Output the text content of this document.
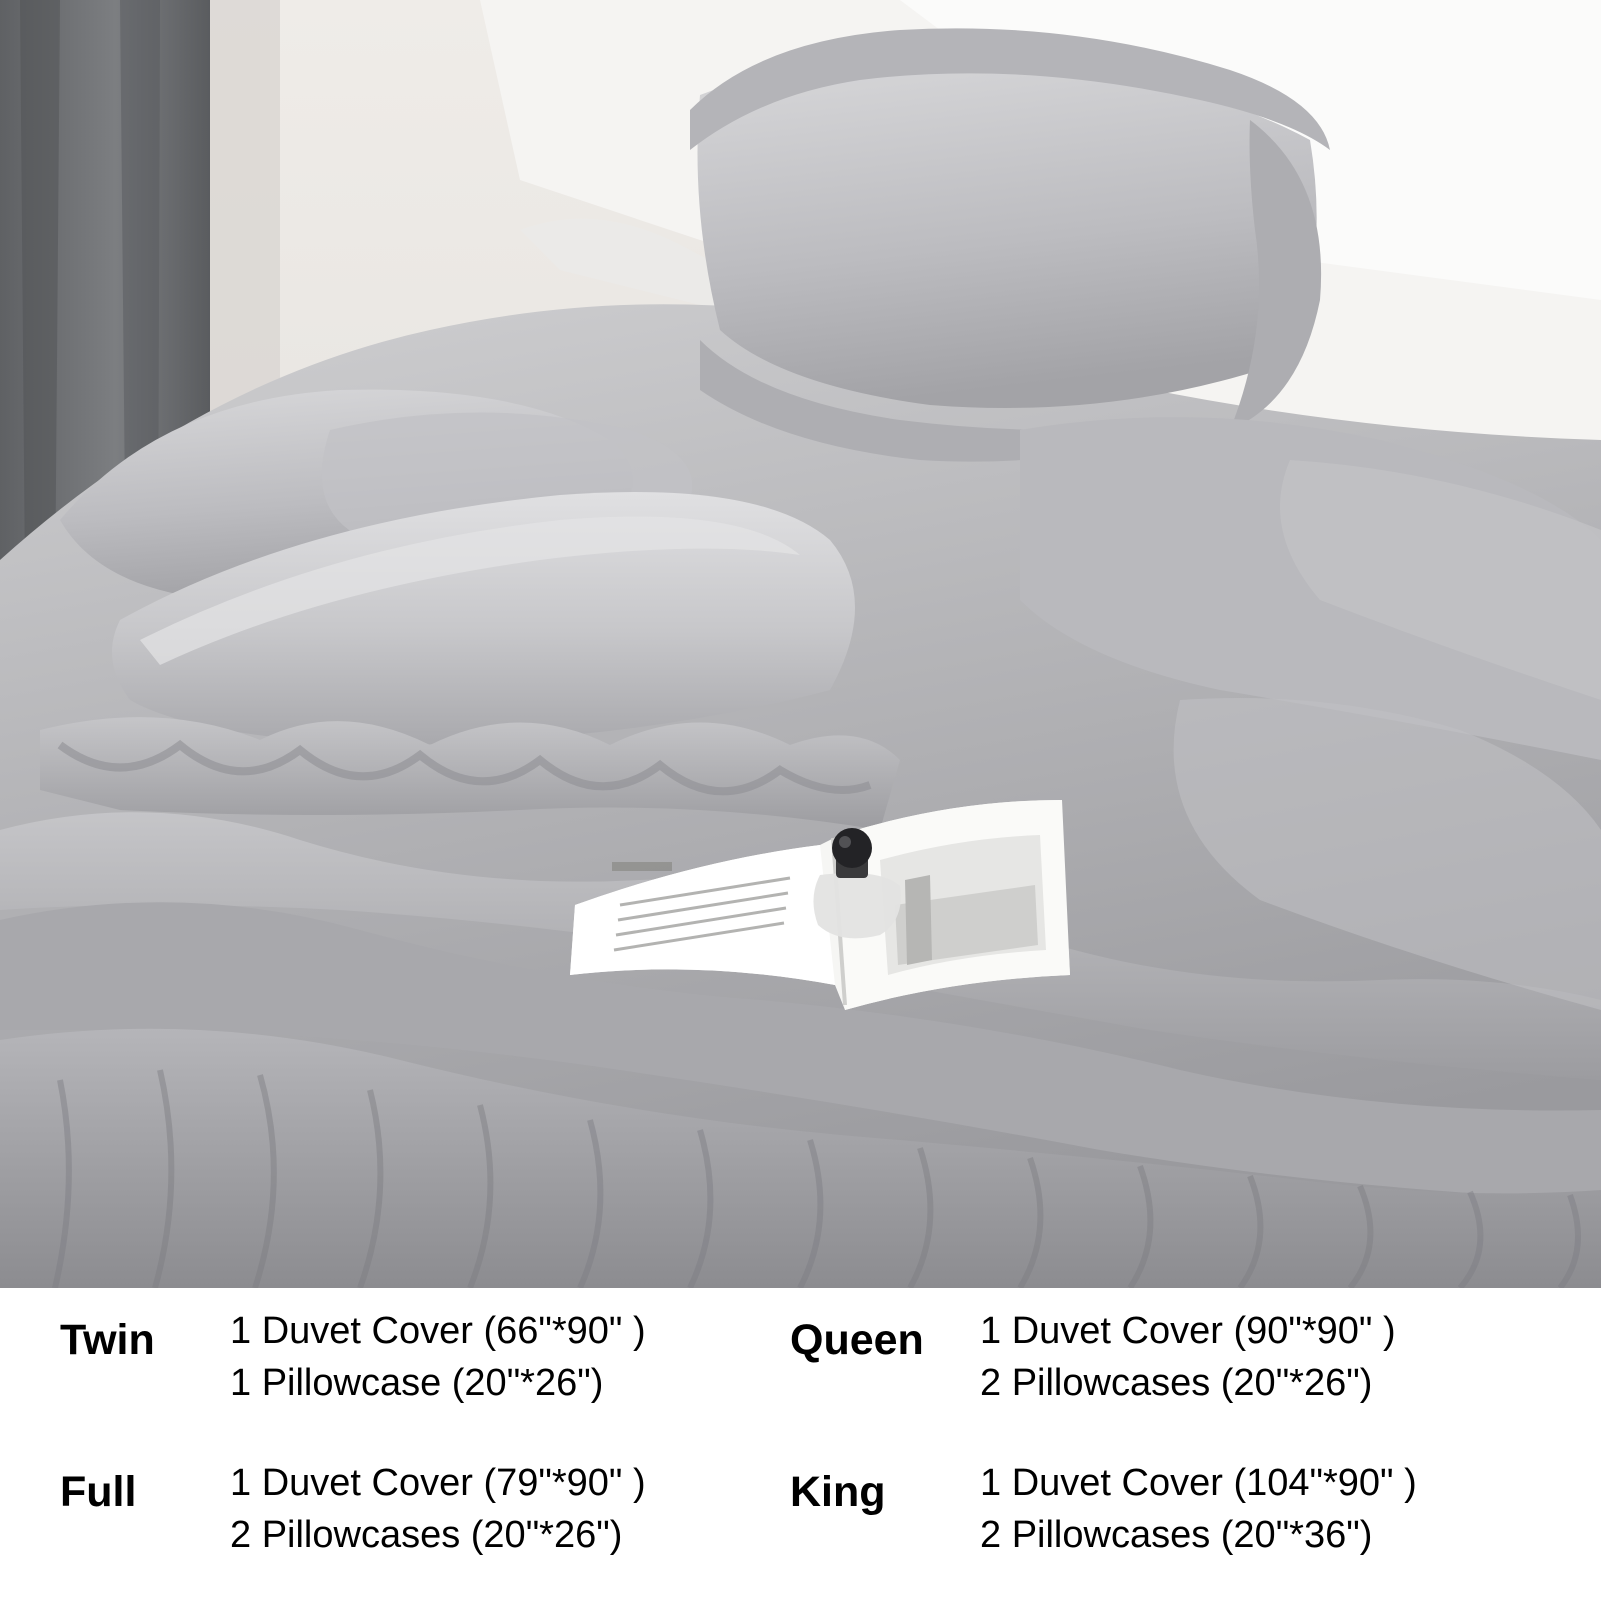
Twin	1 Duvet Cover (66"*90" )
1 Pillowcase (20"*26")
Queen	1 Duvet Cover (90"*90" )
2 Pillowcases (20"*26")
Full	1 Duvet Cover (79"*90" )
2 Pillowcases (20"*26")
King	1 Duvet Cover (104"*90" )
2 Pillowcases (20"*36")
